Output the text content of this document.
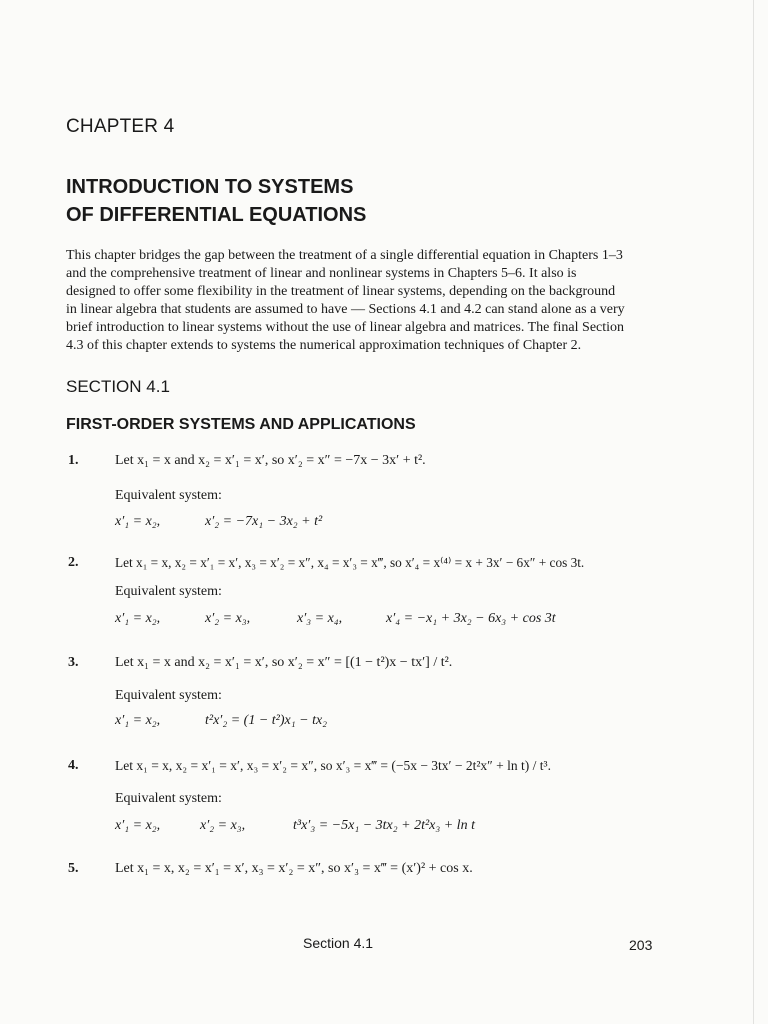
CHAPTER 4
INTRODUCTION TO SYSTEMS
OF DIFFERENTIAL EQUATIONS
This chapter bridges the gap between the treatment of a single differential equation in Chapters 1–3
and the comprehensive treatment of linear and nonlinear systems in Chapters 5–6. It also is
designed to offer some flexibility in the treatment of linear systems, depending on the background
in linear algebra that students are assumed to have — Sections 4.1 and 4.2 can stand alone as a very
brief introduction to linear systems without the use of linear algebra and matrices. The final Section
4.3 of this chapter extends to systems the numerical approximation techniques of Chapter 2.
SECTION 4.1
FIRST-ORDER SYSTEMS AND APPLICATIONS
1.	Let x₁ = x and x₂ = x′₁ = x′, so x′₂ = x″ = −7x − 3x′ + t².
Equivalent system:
x′₁ = x₂,	x′₂ = −7x₁ − 3x₂ + t²
2.	Let x₁ = x, x₂ = x′₁ = x′, x₃ = x′₂ = x″, x₄ = x′₃ = x‴, so x′₄ = x⁽⁴⁾ = x + 3x′ − 6x″ + cos 3t.
Equivalent system:
x′₁ = x₂,	x′₂ = x₃,	x′₃ = x₄,	x′₄ = −x₁ + 3x₂ − 6x₃ + cos 3t
3.	Let x₁ = x and x₂ = x′₁ = x′, so x′₂ = x″ = [(1 − t²)x − tx′] / t².
Equivalent system:
x′₁ = x₂,	t²x′₂ = (1 − t²)x₁ − tx₂
4.	Let x₁ = x, x₂ = x′₁ = x′, x₃ = x′₂ = x″, so x′₃ = x‴ = (−5x − 3tx′ − 2t²x″ + ln t) / t³.
Equivalent system:
x′₁ = x₂,	x′₂ = x₃,	t³x′₃ = −5x₁ − 3tx₂ + 2t²x₃ + ln t
5.	Let x₁ = x, x₂ = x′₁ = x′, x₃ = x′₂ = x″, so x′₃ = x‴ = (x′)² + cos x.
Section 4.1	203
